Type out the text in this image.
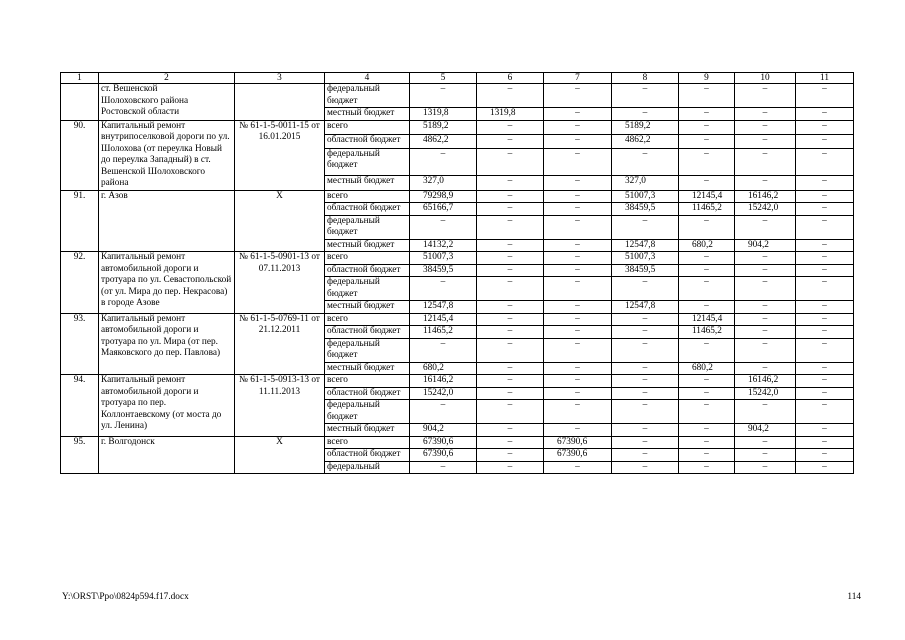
1	2	3	4	5	6	7	8	9	10	11

	ст. Вешенской
Шолоховского района
Ростовской области		федеральный бюджет	–	–	–	–	–	–	–
			местный бюджет	1319,8	1319,8	–	–	–	–	–
90.	Капитальный ремонт внутрипоселковой дороги по ул. Шолохова (от переулка Новый до переулка Западный) в ст. Вешенской Шолоховского района	№ 61-1-5-0011-15 от 16.01.2015	всего	5189,2	–	–	5189,2	–	–	–
			областной бюджет	4862,2	–	–	4862,2	–	–	–
			федеральный бюджет	–	–	–	–	–	–	–
			местный бюджет	327,0	–	–	327,0	–	–	–
91.	г. Азов	Х	всего	79298,9	–	–	51007,3	12145,4	16146,2	–
			областной бюджет	65166,7	–	–	38459,5	11465,2	15242,0	–
			федеральный бюджет	–	–	–	–	–	–	–
			местный бюджет	14132,2	–	–	12547,8	680,2	904,2	–
92.	Капитальный ремонт автомобильной дороги и тротуара по ул. Севастопольской (от ул. Мира до пер. Некрасова) в городе Азове	№ 61-1-5-0901-13 от 07.11.2013	всего	51007,3	–	–	51007,3	–	–	–
			областной бюджет	38459,5	–	–	38459,5	–	–	–
			федеральный бюджет	–	–	–	–	–	–	–
			местный бюджет	12547,8	–	–	12547,8	–	–	–
93.	Капитальный ремонт автомобильной дороги и тротуара по ул. Мира (от пер. Маяковского до пер. Павлова)	№ 61-1-5-0769-11 от 21.12.2011	всего	12145,4	–	–	–	12145,4	–	–
			областной бюджет	11465,2	–	–	–	11465,2	–	–
			федеральный бюджет	–	–	–	–	–	–	–
			местный бюджет	680,2	–	–	–	680,2	–	–
94.	Капитальный ремонт автомобильной дороги и тротуара по пер. Коллонтаевскому (от моста до ул. Ленина)	№ 61-1-5-0913-13 от 11.11.2013	всего	16146,2	–	–	–	–	16146,2	–
			областной бюджет	15242,0	–	–	–	–	15242,0	–
			федеральный бюджет	–	–	–	–	–	–	–
			местный бюджет	904,2	–	–	–	–	904,2	–
95.	г. Волгодонск	Х	всего	67390,6	–	67390,6	–	–	–	–
			областной бюджет	67390,6	–	67390,6	–	–	–	–
			федеральный	–	–	–	–	–	–	–
Y:\ORST\Ppo\0824p594.f17.docx	114
